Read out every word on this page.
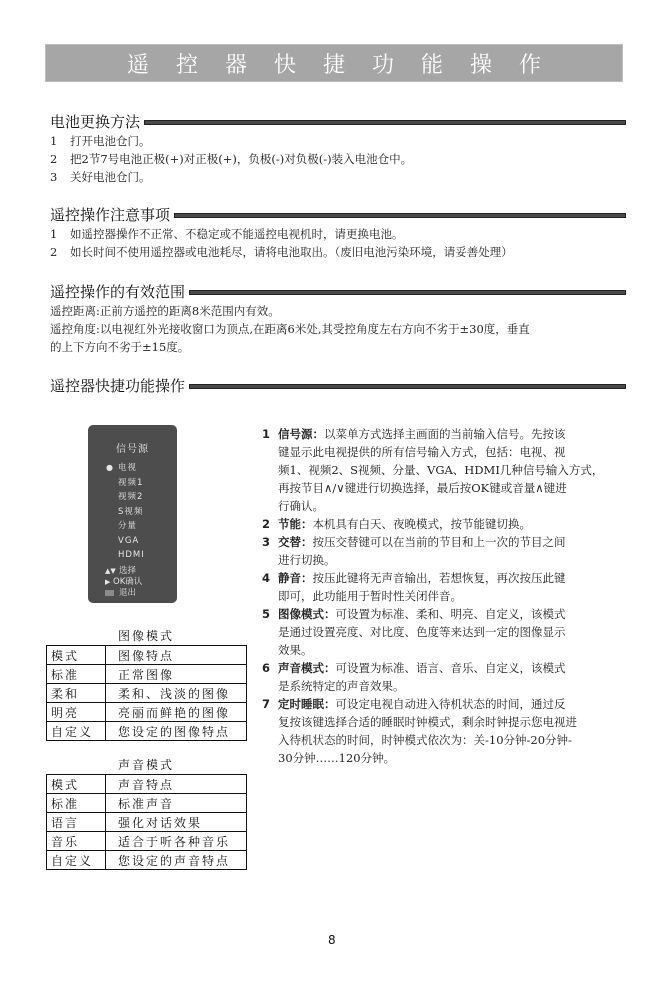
遥 控 器 快 捷 功 能 操 作
电池更换方法
1 打开电池仓门。
2 把2节7号电池正极(+)对正极(+)，负极(-)对负极(-)装入电池仓中。
3 关好电池仓门。
遥控操作注意事项
1 如遥控器操作不正常、不稳定或不能遥控电视机时，请更换电池。
2 如长时间不使用遥控器或电池耗尽，请将电池取出。（废旧电池污染环境，请妥善处理）
遥控操作的有效范围
遥控距离:正前方遥控的距离8米范围内有效。
遥控角度:以电视红外光接收窗口为顶点,在距离6米处,其受控角度左右方向不劣于±30度，垂直
的上下方向不劣于±15度。
遥控器快捷功能操作
信号源
● 电视
视频1
视频2
S视频
分量
VGA
HDMI
▲▼ 选择
▶ OK确认
退出
图像模式
模式	图像特点
标准	正常图像
柔和	柔和、浅淡的图像
明亮	亮丽而鲜艳的图像
自定义	您设定的图像特点
声音模式
模式	声音特点
标准	标准声音
语言	强化对话效果
音乐	适合于听各种音乐
自定义	您设定的声音特点
1 信号源：以菜单方式选择主画面的当前输入信号。先按该
键显示此电视提供的所有信号输入方式，包括：电视、视
频1、视频2、S视频、分量、VGA、HDMI几种信号输入方式，
再按节目∧/∨键进行切换选择，最后按OK键或音量∧键进
行确认。
2 节能：本机具有白天、夜晚模式，按节能键切换。
3 交替：按压交替键可以在当前的节目和上一次的节目之间
进行切换。
4 静音：按压此键将无声音输出，若想恢复，再次按压此键
即可，此功能用于暂时性关闭伴音。
5 图像模式：可设置为标准、柔和、明亮、自定义，该模式
是通过设置亮度、对比度、色度等来达到一定的图像显示
效果。
6 声音模式：可设置为标准、语言、音乐、自定义，该模式
是系统特定的声音效果。
7 定时睡眠：可设定电视自动进入待机状态的时间，通过反
复按该键选择合适的睡眠时钟模式，剩余时钟提示您电视进
入待机状态的时间，时钟模式依次为：关-10分钟-20分钟-
30分钟……120分钟。
8
